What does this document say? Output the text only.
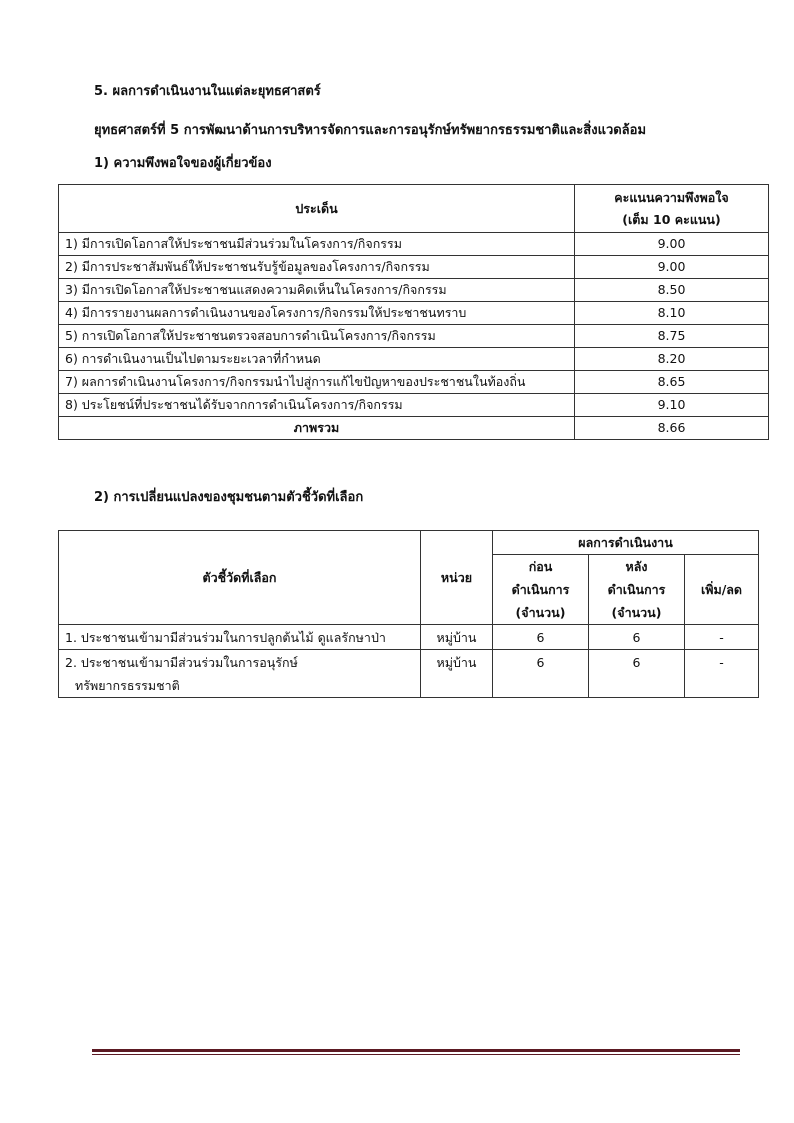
5. ผลการดำเนินงานในแต่ละยุทธศาสตร์
ยุทธศาสตร์ที่ 5 การพัฒนาด้านการบริหารจัดการและการอนุรักษ์ทรัพยากรธรรมชาติและสิ่งแวดล้อม
1) ความพึงพอใจของผู้เกี่ยวข้อง
ประเด็น	คะแนนความพึงพอใจ
(เต็ม 10 คะแนน)

1) มีการเปิดโอกาสให้ประชาชนมีส่วนร่วมในโครงการ/กิจกรรม	9.00
2) มีการประชาสัมพันธ์ให้ประชาชนรับรู้ข้อมูลของโครงการ/กิจกรรม	9.00
3) มีการเปิดโอกาสให้ประชาชนแสดงความคิดเห็นในโครงการ/กิจกรรม	8.50
4) มีการรายงานผลการดำเนินงานของโครงการ/กิจกรรมให้ประชาชนทราบ	8.10
5) การเปิดโอกาสให้ประชาชนตรวจสอบการดำเนินโครงการ/กิจกรรม	8.75
6) การดำเนินงานเป็นไปตามระยะเวลาที่กำหนด	8.20
7) ผลการดำเนินงานโครงการ/กิจกรรมนำไปสู่การแก้ไขปัญหาของประชาชนในท้องถิ่น	8.65
8) ประโยชน์ที่ประชาชนได้รับจากการดำเนินโครงการ/กิจกรรม	9.10
ภาพรวม	8.66
2) การเปลี่ยนแปลงของชุมชนตามตัวชี้วัดที่เลือก
ตัวชี้วัดที่เลือก	หน่วย	ผลการดำเนินงาน		

		ก่อน
ดำเนินการ
(จำนวน)	หลัง
ดำเนินการ
(จำนวน)	เพิ่ม/ลด
1. ประชาชนเข้ามามีส่วนร่วมในการปลูกต้นไม้ ดูแลรักษาป่า	หมู่บ้าน	6	6	-

2. ประชาชนเข้ามามีส่วนร่วมในการอนุรักษ์
ทรัพยากรธรรมชาติ	หมู่บ้าน	6	6	-
